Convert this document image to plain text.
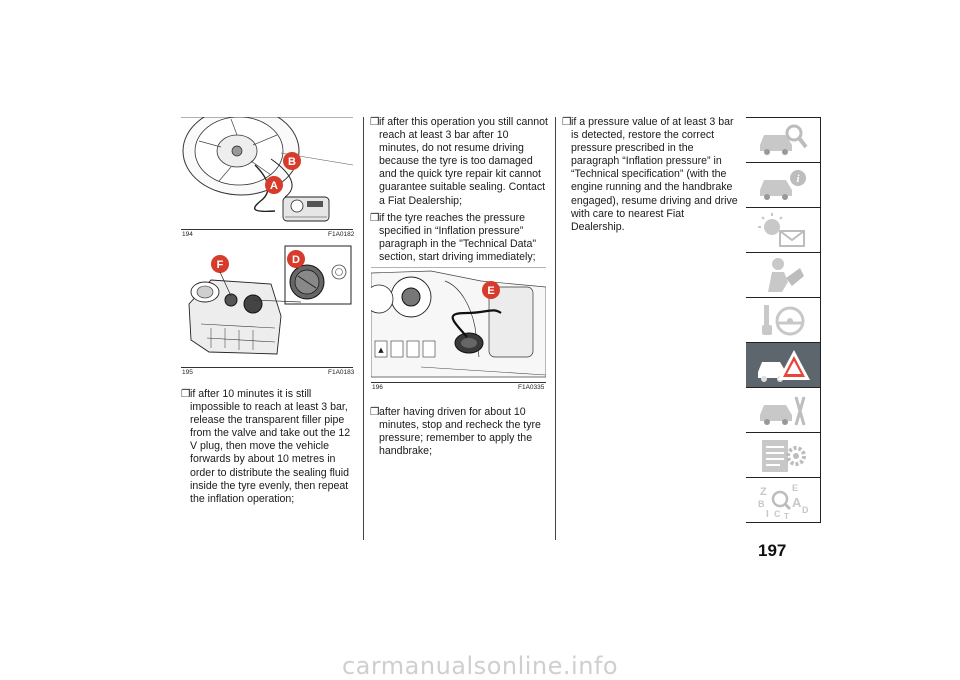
B
A
194	F1A0182
F	D
195	F1A0183
❒ if after 10 minutes it is still impossible to reach at least 3 bar, release the transparent filler pipe from the valve and take out the 12 V plug, then move the vehicle forwards by about 10 metres in order to distribute the sealing fluid inside the tyre evenly, then repeat the inflation operation;
❒ if after this operation you still cannot reach at least 3 bar after 10 minutes, do not resume driving because the tyre is too damaged and the quick tyre repair kit cannot guarantee suitable sealing. Contact a Fiat Dealership;
❒ if the tyre reaches the pressure specified in “Inflation pressure” paragraph in the "Technical Data" section, start driving immediately;
▲
E
196	F1A0335
❒ after having driven for about 10 minutes, stop and recheck the tyre pressure; remember to apply the handbrake;
❒ if a pressure value of at least 3 bar is detected, restore the correct pressure prescribed in the paragraph “Inflation pressure” in “Technical specification” (with the engine running and the handbrake engaged), resume driving and drive with care to nearest Fiat Dealership.
i
Z
B
I C
E
A D
T
197
carmanualsonline.info
